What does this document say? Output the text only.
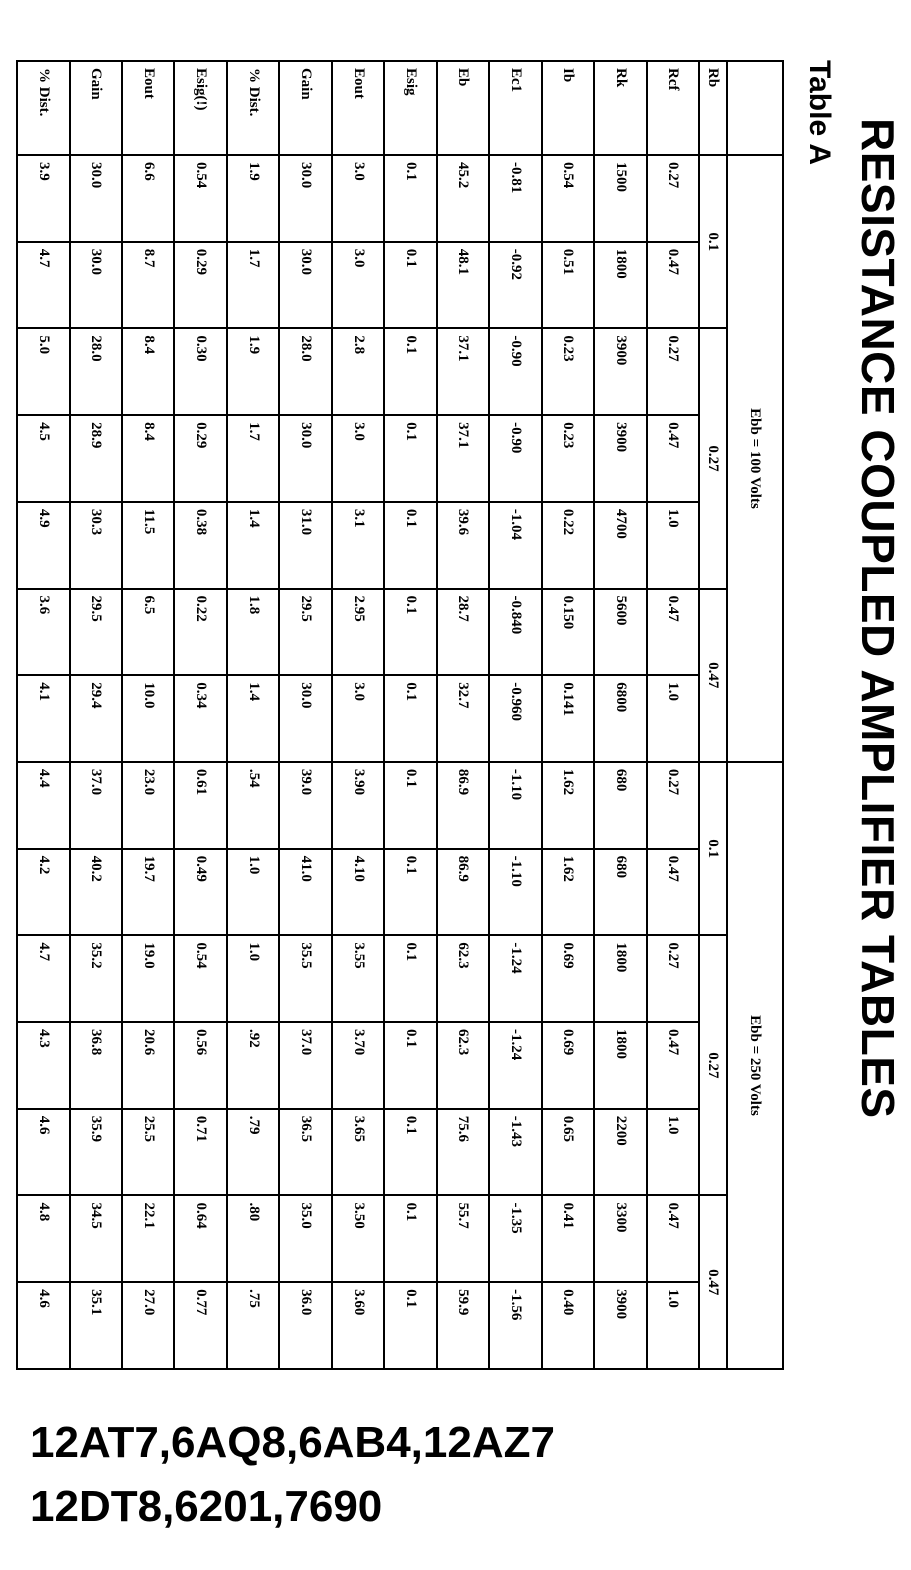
RESISTANCE COUPLED AMPLIFIER TABLES
Table A
	Ebb = 100 Volts							Ebb = 250 Volts						
Rb	0.1		0.27			0.47		0.1		0.27			0.47	
Rcf	0.27	0.47	0.27	0.47	1.0	0.47	1.0	0.27	0.47	0.27	0.47	1.0	0.47	1.0
Rk	1500	1800	3900	3900	4700	5600	6800	680	680	1800	1800	2200	3300	3900
Ib	0.54	0.51	0.23	0.23	0.22	0.150	0.141	1.62	1.62	0.69	0.69	0.65	0.41	0.40
Ec1	-0.81	-0.92	-0.90	-0.90	-1.04	-0.840	-0.960	-1.10	-1.10	-1.24	-1.24	-1.43	-1.35	-1.56
Eb	45.2	48.1	37.1	37.1	39.6	28.7	32.7	86.9	86.9	62.3	62.3	75.6	55.7	59.9
Esig	0.1	0.1	0.1	0.1	0.1	0.1	0.1	0.1	0.1	0.1	0.1	0.1	0.1	0.1
Eout	3.0	3.0	2.8	3.0	3.1	2.95	3.0	3.90	4.10	3.55	3.70	3.65	3.50	3.60
Gain	30.0	30.0	28.0	30.0	31.0	29.5	30.0	39.0	41.0	35.5	37.0	36.5	35.0	36.0
% Dist.	1.9	1.7	1.9	1.7	1.4	1.8	1.4	.54	1.0	1.0	.92	.79	.80	.75
Esig(!)	0.54	0.29	0.30	0.29	0.38	0.22	0.34	0.61	0.49	0.54	0.56	0.71	0.64	0.77
Eout	6.6	8.7	8.4	8.4	11.5	6.5	10.0	23.0	19.7	19.0	20.6	25.5	22.1	27.0
Gain	30.0	30.0	28.0	28.9	30.3	29.5	29.4	37.0	40.2	35.2	36.8	35.9	34.5	35.1
% Dist.	3.9	4.7	5.0	4.5	4.9	3.6	4.1	4.4	4.2	4.7	4.3	4.6	4.8	4.6
12AT7,6AQ8,6AB4,12AZ7
12DT8,6201,7690
